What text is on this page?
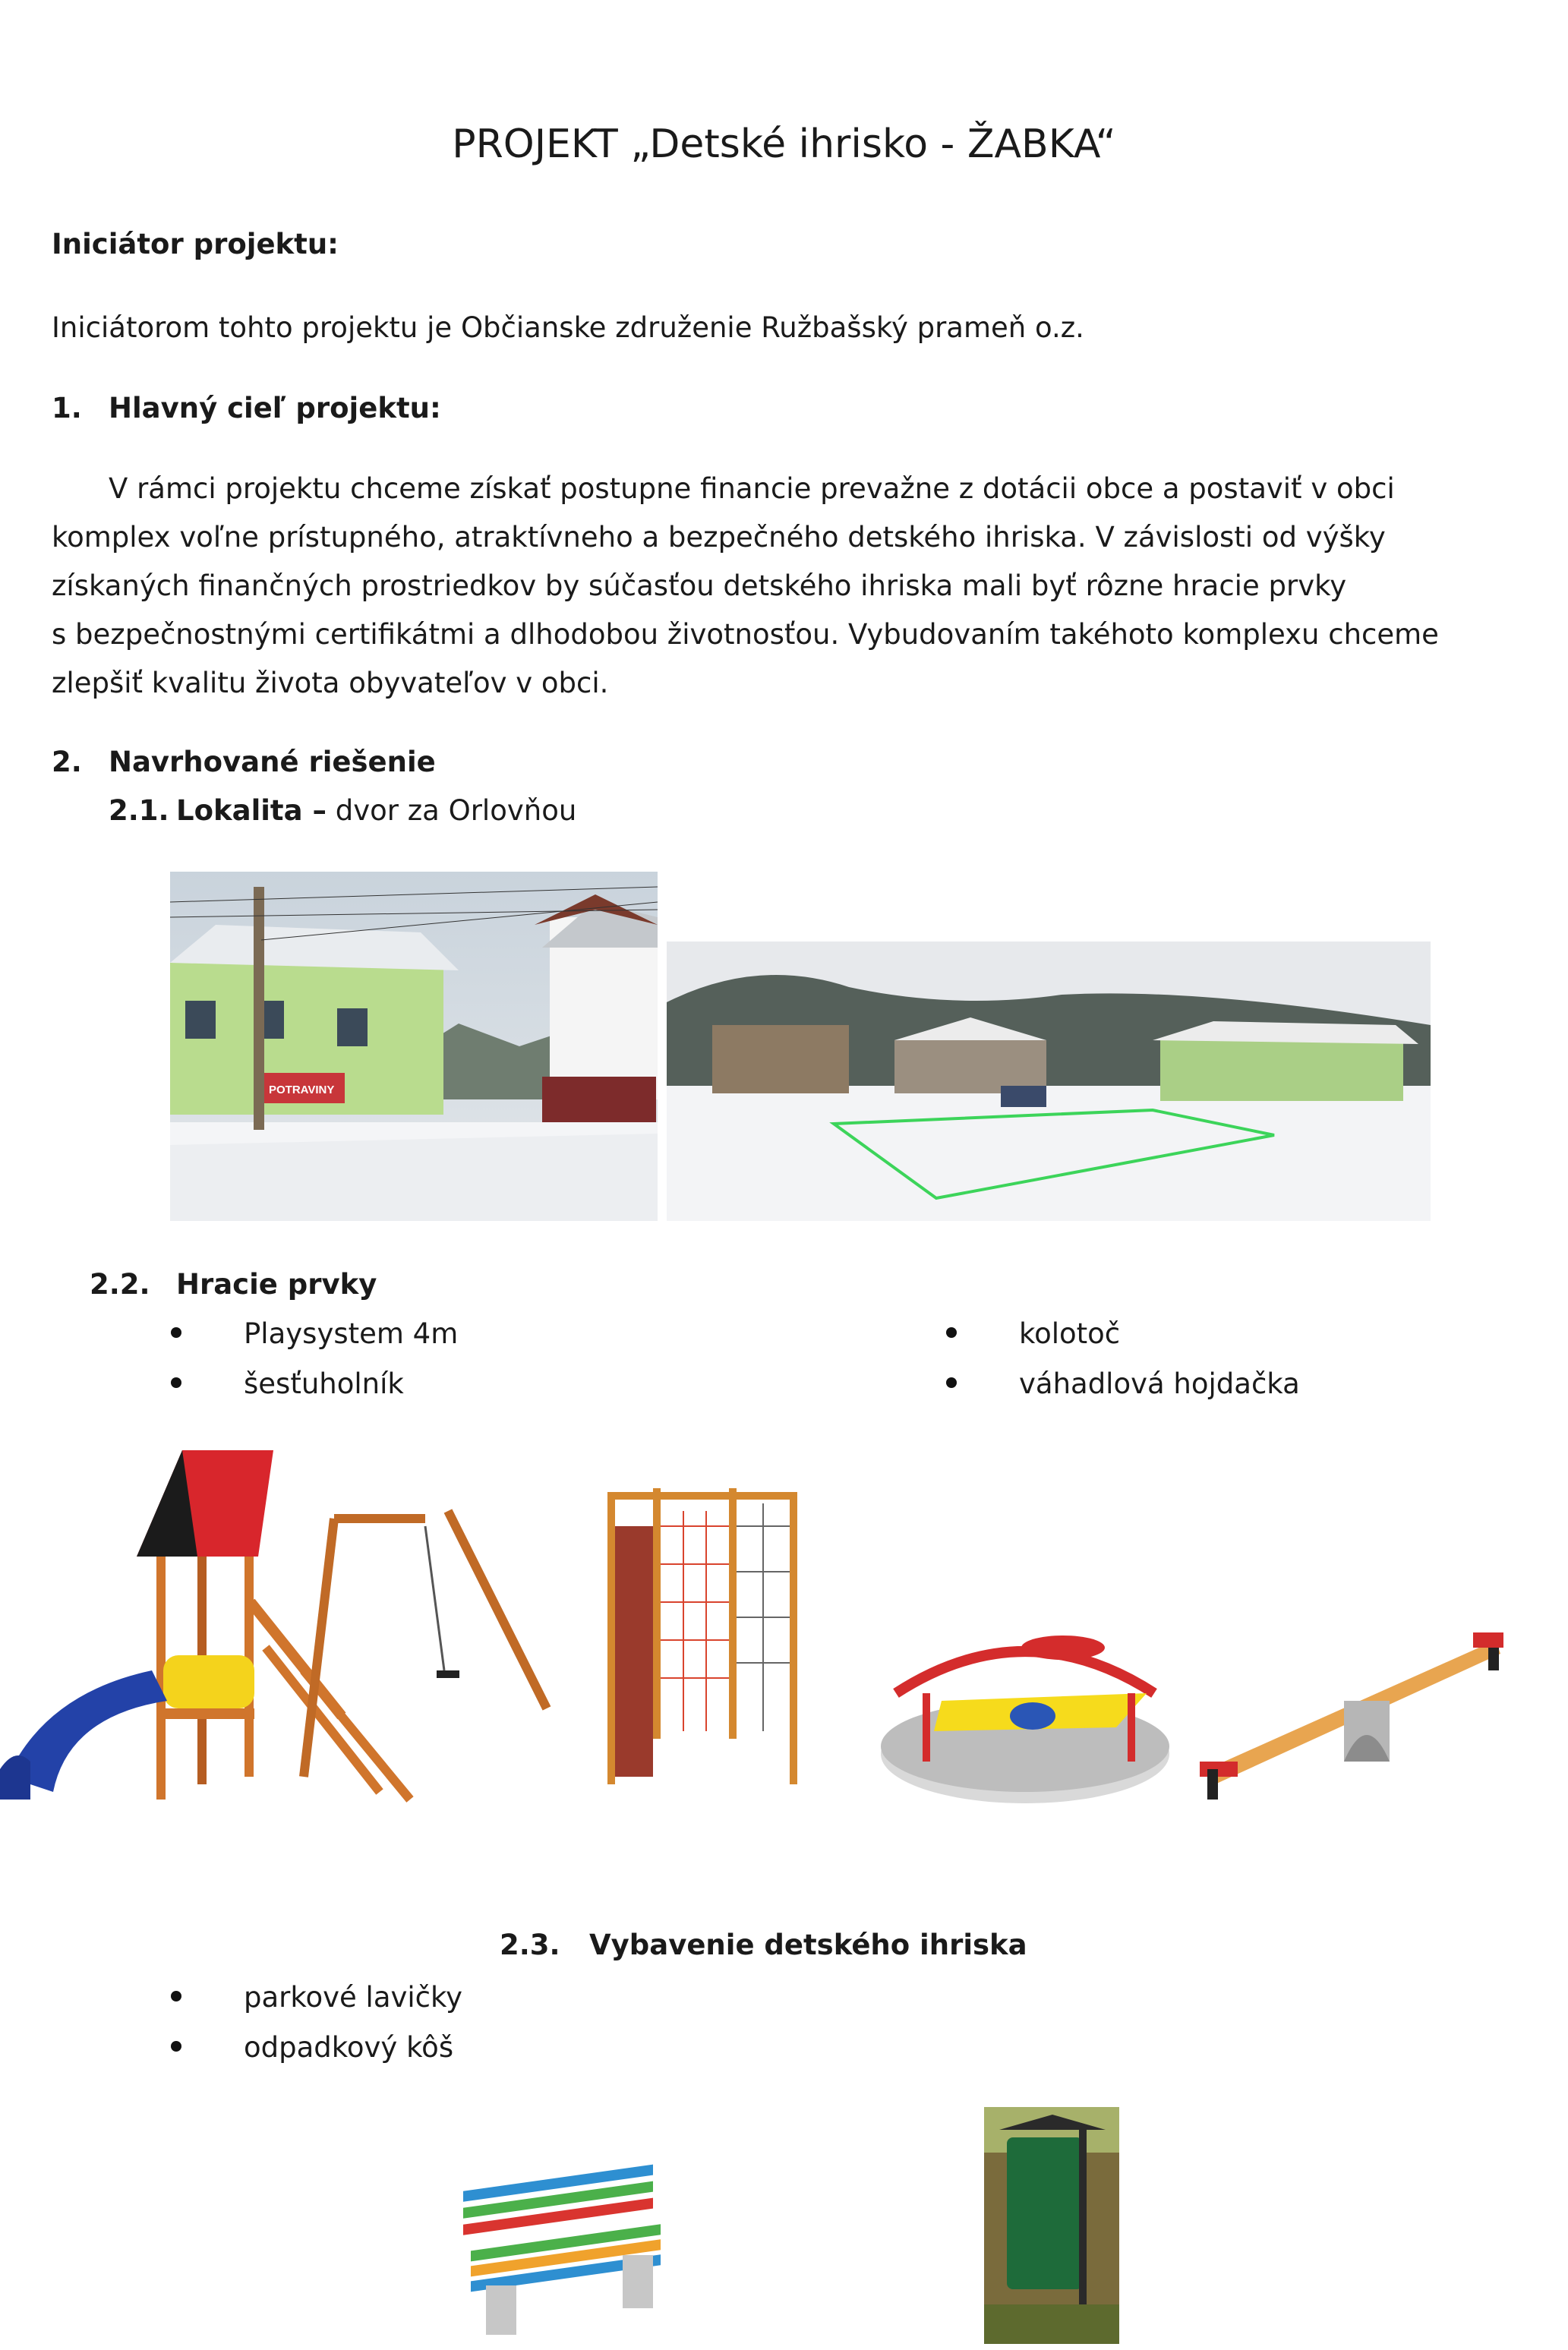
PROJEKT „Detské ihrisko - ŽABKA“
Iniciátor projektu:
Iniciátorom tohto projektu je Občianske združenie Ružbašský prameň o.z.
1. Hlavný cieľ projektu:
V rámci projektu chceme získať postupne financie prevažne z dotácii obce a postaviť v obci
komplex voľne prístupného, atraktívneho a bezpečného detského ihriska. V závislosti od výšky
získaných finančných prostriedkov by súčasťou detského ihriska mali byť rôzne hracie prvky
s bezpečnostnými certifikátmi a dlhodobou životnosťou. Vybudovaním takéhoto komplexu chceme
zlepšiť kvalitu života obyvateľov v obci.
2. Navrhované riešenie
2.1. Lokalita – dvor za Orlovňou
POTRAVINY
2.2. Hracie prvky
Playsystem 4m
šesťuholník
kolotoč
váhadlová hojdačka
2.3. Vybavenie detského ihriska
parkové lavičky
odpadkový kôš
